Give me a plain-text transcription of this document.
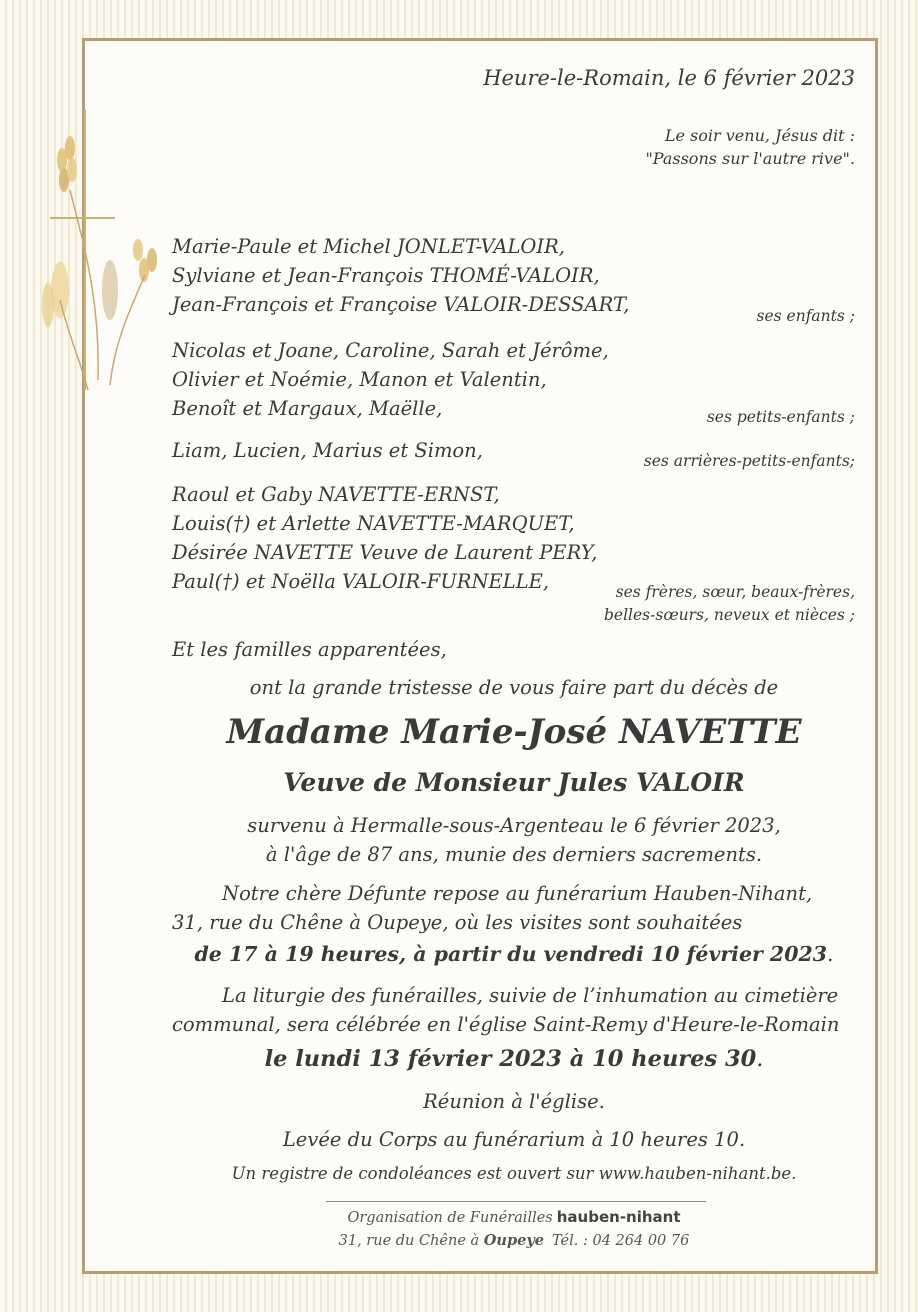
Heure-le-Romain, le 6 février 2023
Le soir venu, Jésus dit :
"Passons sur l'autre rive".
Marie-Paule et Michel JONLET-VALOIR,
Sylviane et Jean-François THOMÉ-VALOIR,
Jean-François et Françoise VALOIR-DESSART,	ses enfants ;
Nicolas et Joane, Caroline, Sarah et Jérôme,
Olivier et Noémie, Manon et Valentin,
Benoît et Margaux, Maëlle,	ses petits-enfants ;
Liam, Lucien, Marius et Simon,	ses arrières-petits-enfants;
Raoul et Gaby NAVETTE-ERNST,
Louis(†) et Arlette NAVETTE-MARQUET,
Désirée NAVETTE Veuve de Laurent PERY,
Paul(†) et Noëlla VALOIR-FURNELLE,	ses frères, sœur, beaux-frères,
belles-sœurs, neveux et nièces ;
Et les familles apparentées,
ont la grande tristesse de vous faire part du décès de
Madame Marie-José NAVETTE
Veuve de Monsieur Jules VALOIR
survenu à Hermalle-sous-Argenteau le 6 février 2023,
à l'âge de 87 ans, munie des derniers sacrements.
Notre chère Défunte repose au funérarium Hauben-Nihant,
31, rue du Chêne à Oupeye, où les visites sont souhaitées
de 17 à 19 heures, à partir du vendredi 10 février 2023.
La liturgie des funérailles, suivie de l’inhumation au cimetière
communal, sera célébrée en l'église Saint-Remy d'Heure-le-Romain
le lundi 13 février 2023 à 10 heures 30.
Réunion à l'église.
Levée du Corps au funérarium à 10 heures 10.
Un registre de condoléances est ouvert sur www.hauben-nihant.be.
Organisation de Funérailles hauben-nihant
31, rue du Chêne à Oupeye Tél. : 04 264 00 76
